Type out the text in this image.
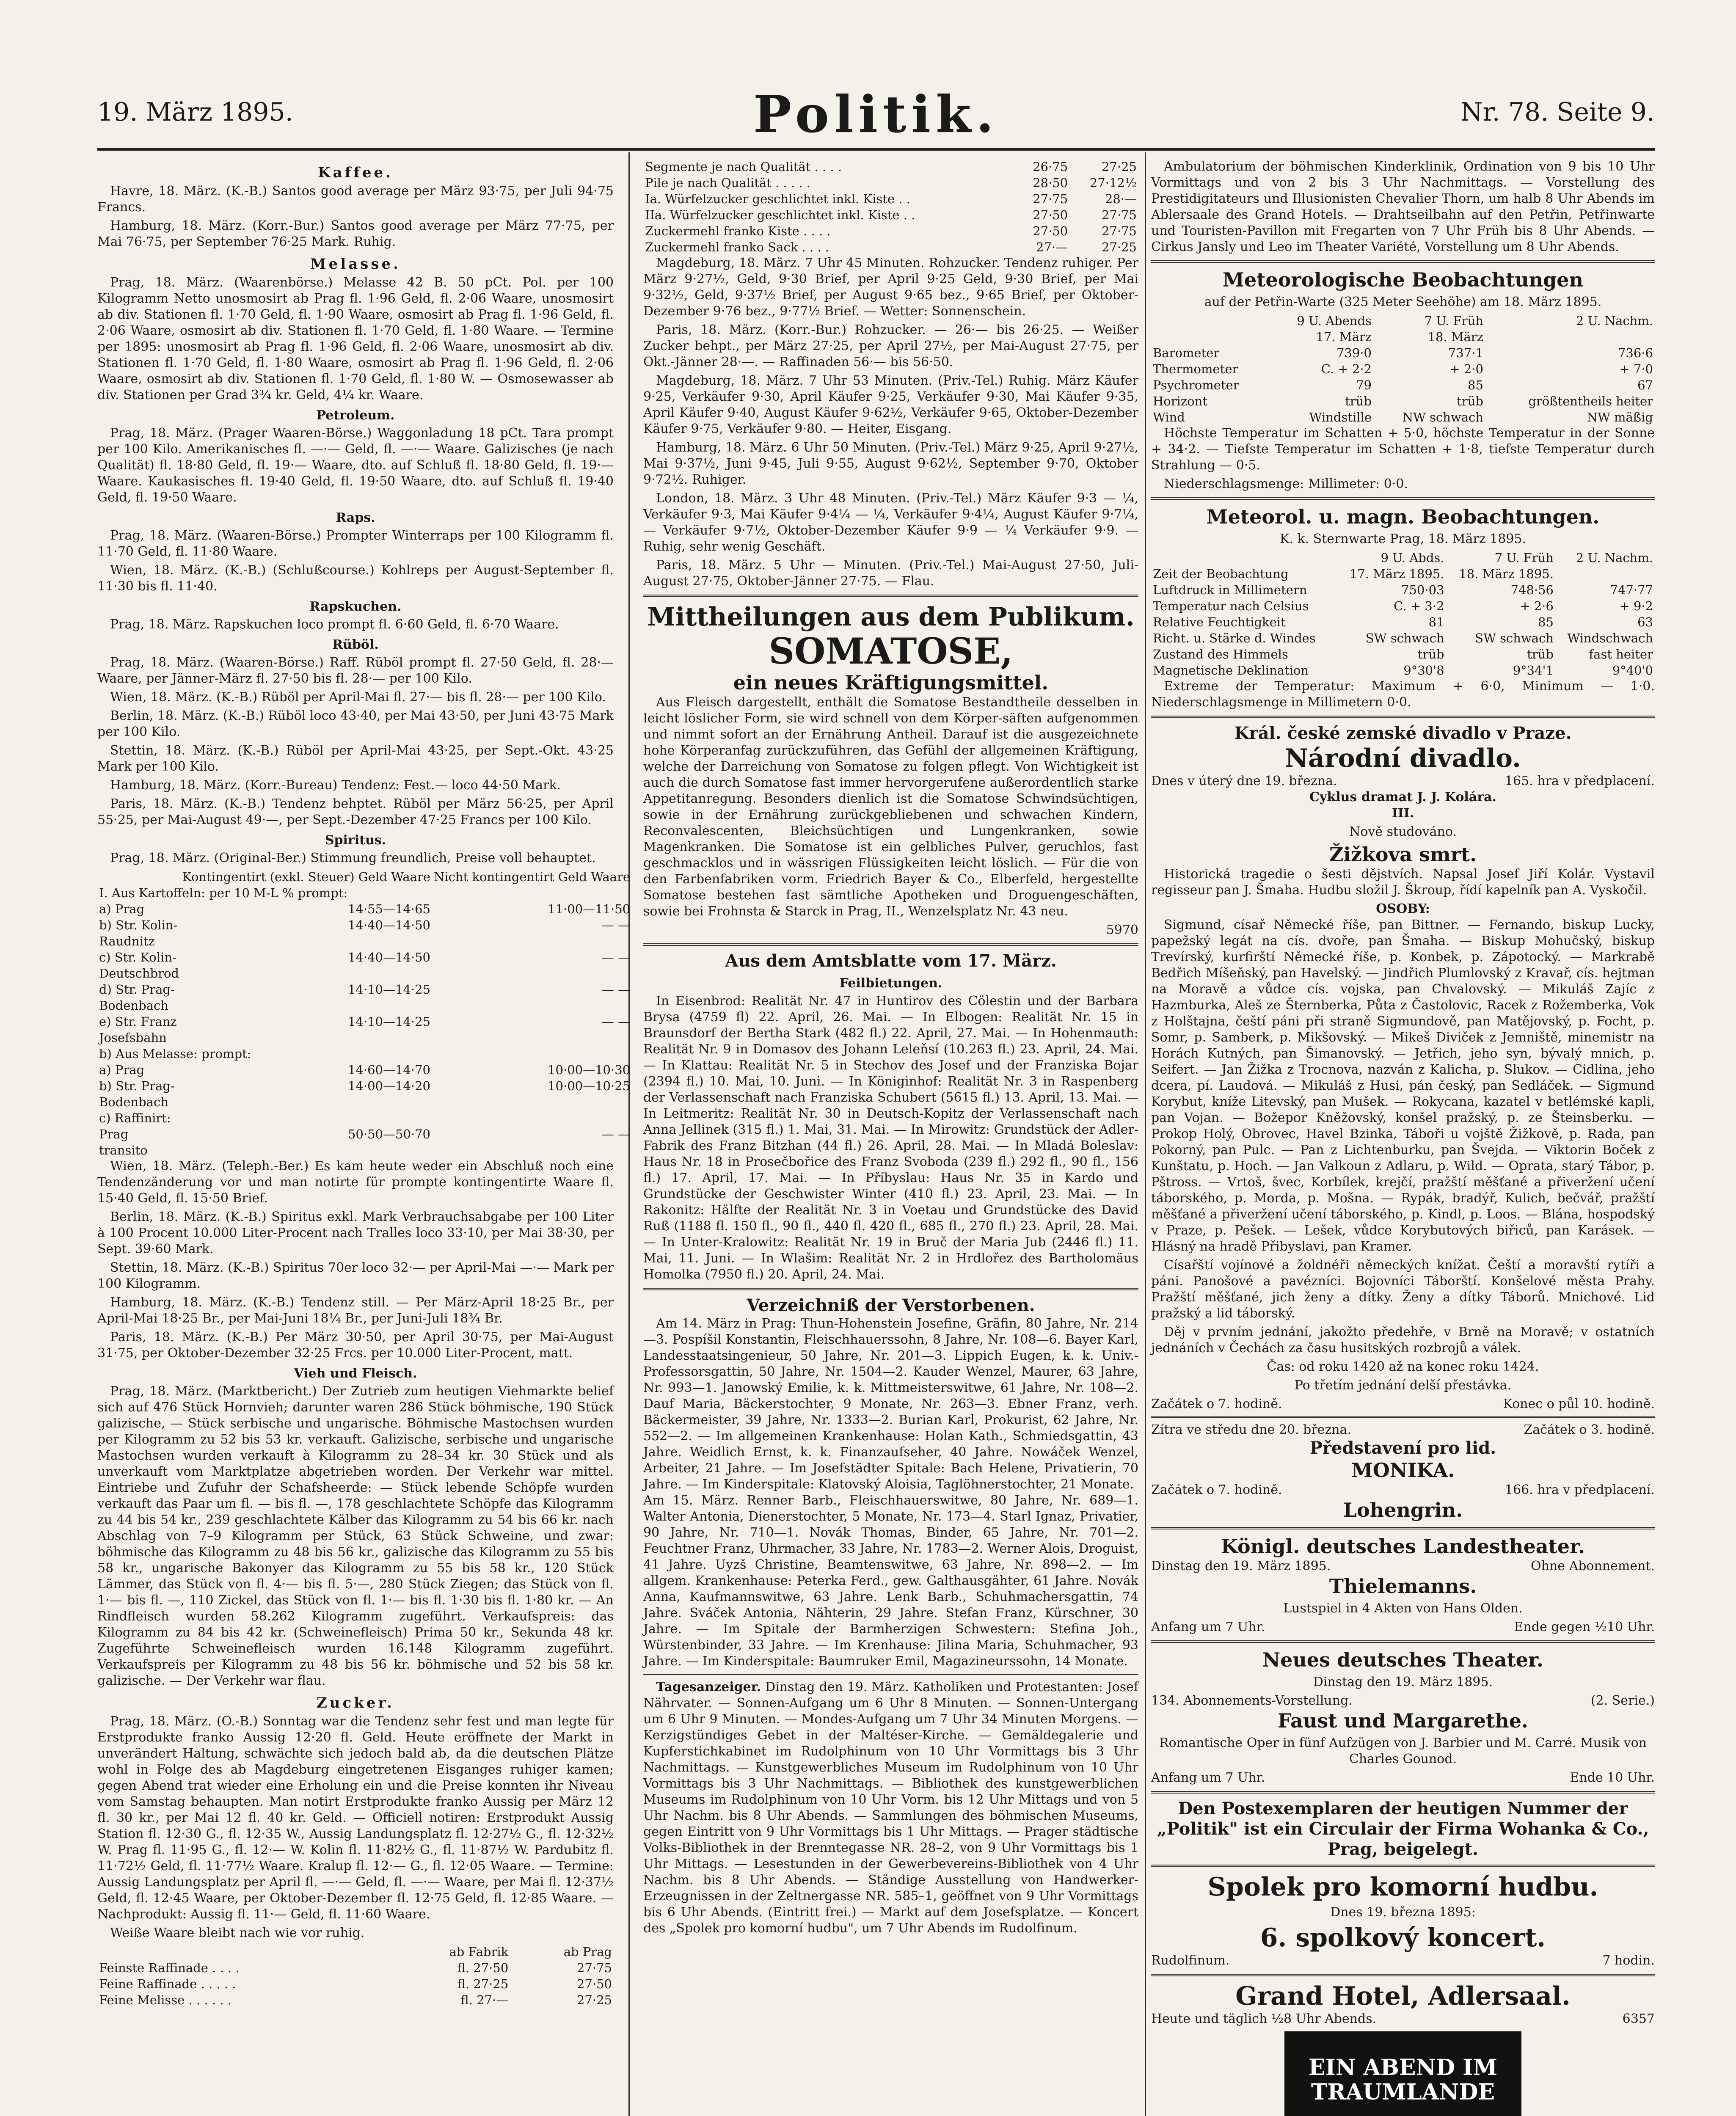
19. März 1895.	Politik.	Nr. 78. Seite 9.
Kaffee.

Havre, 18. März. (K.-B.) Santos good average per März 93·75, per Juli 94·75 Francs.

Hamburg, 18. März. (Korr.-Bur.) Santos good average per März 77·75, per Mai 76·75, per September 76·25 Mark. Ruhig.

Melasse.

Prag, 18. März. (Waarenbörse.) Melasse 42 B. 50 pCt. Pol. per 100 Kilogramm Netto unosmosirt ab Prag fl. 1·96 Geld, fl. 2·06 Waare, unosmosirt ab div. Stationen fl. 1·70 Geld, fl. 1·90 Waare, osmosirt ab Prag fl. 1·96 Geld, fl. 2·06 Waare, osmosirt ab div. Stationen fl. 1·70 Geld, fl. 1·80 Waare. — Termine per 1895: unosmosirt ab Prag fl. 1·96 Geld, fl. 2·06 Waare, unosmosirt ab div. Stationen fl. 1·70 Geld, fl. 1·80 Waare, osmosirt ab Prag fl. 1·96 Geld, fl. 2·06 Waare, osmosirt ab div. Stationen fl. 1·70 Geld, fl. 1·80 W. — Osmosewasser ab div. Stationen per Grad 3¾ kr. Geld, 4¼ kr. Waare.

Petroleum.

Prag, 18. März. (Prager Waaren-Börse.) Waggonladung 18 pCt. Tara prompt per 100 Kilo. Amerikanisches fl. —·— Geld, fl. —·— Waare. Galizisches (je nach Qualität) fl. 18·80 Geld, fl. 19·— Waare, dto. auf Schluß fl. 18·80 Geld, fl. 19·— Waare. Kaukasisches fl. 19·40 Geld, fl. 19·50 Waare, dto. auf Schluß fl. 19·40 Geld, fl. 19·50 Waare.

Raps.

Prag, 18. März. (Waaren-Börse.) Prompter Winterraps per 100 Kilogramm fl. 11·70 Geld, fl. 11·80 Waare.

Wien, 18. März. (K.-B.) (Schlußcourse.) Kohlreps per August-September fl. 11·30 bis fl. 11·40.

Rapskuchen.

Prag, 18. März. Rapskuchen loco prompt fl. 6·60 Geld, fl. 6·70 Waare.

Rüböl.

Prag, 18. März. (Waaren-Börse.) Raff. Rüböl prompt fl. 27·50 Geld, fl. 28·— Waare, per Jänner-März fl. 27·50 bis fl. 28·— per 100 Kilo.

Wien, 18. März. (K.-B.) Rüböl per April-Mai fl. 27·— bis fl. 28·— per 100 Kilo.

Berlin, 18. März. (K.-B.) Rüböl loco 43·40, per Mai 43·50, per Juni 43·75 Mark per 100 Kilo.

Stettin, 18. März. (K.-B.) Rüböl per April-Mai 43·25, per Sept.-Okt. 43·25 Mark per 100 Kilo.

Hamburg, 18. März. (Korr.-Bureau) Tendenz: Fest.— loco 44·50 Mark.

Paris, 18. März. (K.-B.) Tendenz behptet. Rüböl per März 56·25, per April 55·25, per Mai-August 49·—, per Sept.-Dezember 47·25 Francs per 100 Kilo.

Spiritus.

Prag, 18. März. (Original-Ber.) Stimmung freundlich, Preise voll behauptet.

	Kontingentirt (exkl. Steuer) Geld Waare	Nicht kontingentirt Geld Waare
I. Aus Kartoffeln: per 10 M-L % prompt:		
a) Prag	14·55—14·65	11·00—11·50
b) Str. Kolin-Raudnitz	14·40—14·50	— —
c) Str. Kolin-Deutschbrod	14·40—14·50	— —
d) Str. Prag-Bodenbach	14·10—14·25	— —
e) Str. Franz Josefsbahn	14·10—14·25	— —
b) Aus Melasse: prompt:		
a) Prag	14·60—14·70	10·00—10·30
b) Str. Prag-Bodenbach	14·00—14·20	10·00—10·25
c) Raffinirt:		
Prag transito	50·50—50·70	— —

Wien, 18. März. (Teleph.-Ber.) Es kam heute weder ein Abschluß noch eine Tendenzänderung vor und man notirte für prompte kontingentirte Waare fl. 15·40 Geld, fl. 15·50 Brief.

Berlin, 18. März. (K.-B.) Spiritus exkl. Mark Verbrauchsabgabe per 100 Liter à 100 Procent 10.000 Liter-Procent nach Tralles loco 33·10, per Mai 38·30, per Sept. 39·60 Mark.

Stettin, 18. März. (K.-B.) Spiritus 70er loco 32·— per April-Mai —·— Mark per 100 Kilogramm.

Hamburg, 18. März. (K.-B.) Tendenz still. — Per März-April 18·25 Br., per April-Mai 18·25 Br., per Mai-Juni 18¼ Br., per Juni-Juli 18¾ Br.

Paris, 18. März. (K.-B.) Per März 30·50, per April 30·75, per Mai-August 31·75, per Oktober-Dezember 32·25 Frcs. per 10.000 Liter-Procent, matt.

Vieh und Fleisch.

Prag, 18. März. (Marktbericht.) Der Zutrieb zum heutigen Viehmarkte belief sich auf 476 Stück Hornvieh; darunter waren 286 Stück böhmische, 190 Stück galizische, — Stück serbische und ungarische. Böhmische Mastochsen wurden per Kilogramm zu 52 bis 53 kr. verkauft. Galizische, serbische und ungarische Mastochsen wurden verkauft à Kilogramm zu 28–34 kr. 30 Stück und als unverkauft vom Marktplatze abgetrieben worden. Der Verkehr war mittel. Eintriebe und Zufuhr der Schafsheerde: — Stück lebende Schöpfe wurden verkauft das Paar um fl. — bis fl. —, 178 geschlachtete Schöpfe das Kilogramm zu 44 bis 54 kr., 239 geschlachtete Kälber das Kilogramm zu 54 bis 66 kr. nach Abschlag von 7–9 Kilogramm per Stück, 63 Stück Schweine, und zwar: böhmische das Kilogramm zu 48 bis 56 kr., galizische das Kilogramm zu 55 bis 58 kr., ungarische Bakonyer das Kilogramm zu 55 bis 58 kr., 120 Stück Lämmer, das Stück von fl. 4·— bis fl. 5·—, 280 Stück Ziegen; das Stück von fl. 1·— bis fl. —, 110 Zickel, das Stück von fl. 1·— bis fl. 1·30 bis fl. 1·80 kr. — An Rindfleisch wurden 58.262 Kilogramm zugeführt. Verkaufspreis: das Kilogramm zu 84 bis 42 kr. (Schweinefleisch) Prima 50 kr., Sekunda 48 kr. Zugeführte Schweinefleisch wurden 16.148 Kilogramm zugeführt. Verkaufspreis per Kilogramm zu 48 bis 56 kr. böhmische und 52 bis 58 kr. galizische. — Der Verkehr war flau.

Zucker.

Prag, 18. März. (O.-B.) Sonntag war die Tendenz sehr fest und man legte für Erstprodukte franko Aussig 12·20 fl. Geld. Heute eröffnete der Markt in unverändert Haltung, schwächte sich jedoch bald ab, da die deutschen Plätze wohl in Folge des ab Magdeburg eingetretenen Eisganges ruhiger kamen; gegen Abend trat wieder eine Erholung ein und die Preise konnten ihr Niveau vom Samstag behaupten. Man notirt Erstprodukte franko Aussig per März 12 fl. 30 kr., per Mai 12 fl. 40 kr. Geld. — Officiell notiren: Erstprodukt Aussig Station fl. 12·30 G., fl. 12·35 W., Aussig Landungsplatz fl. 12·27½ G., fl. 12·32½ W. Prag fl. 11·95 G., fl. 12·— W. Kolin fl. 11·82½ G., fl. 11·87½ W. Pardubitz fl. 11·72½ Geld, fl. 11·77½ Waare. Kralup fl. 12·— G., fl. 12·05 Waare. — Termine: Aussig Landungsplatz per April fl. —·— Geld, fl. —·— Waare, per Mai fl. 12·37½ Geld, fl. 12·45 Waare, per Oktober-Dezember fl. 12·75 Geld, fl. 12·85 Waare. — Nachprodukt: Aussig fl. 11·— Geld, fl. 11·60 Waare.

Weiße Waare bleibt nach wie vor ruhig.

	ab Fabrik	ab Prag
Feinste Raffinade . . . .	fl. 27·50	27·75
Feine Raffinade . . . . .	fl. 27·25	27·50
Feine Melisse . . . . . .	fl. 27·—	27·25
Segmente je nach Qualität . . . .	26·75	27·25
Pile je nach Qualität . . . . .	28·50	27·12½
Ia. Würfelzucker geschlichtet inkl. Kiste . .	27·75	28·—
IIa. Würfelzucker geschlichtet inkl. Kiste . .	27·50	27·75
Zuckermehl franko Kiste . . . .	27·50	27·75
Zuckermehl franko Sack . . . .	27·—	27·25

Magdeburg, 18. März. 7 Uhr 45 Minuten. Rohzucker. Tendenz ruhiger. Per März 9·27½, Geld, 9·30 Brief, per April 9·25 Geld, 9·30 Brief, per Mai 9·32½, Geld, 9·37½ Brief, per August 9·65 bez., 9·65 Brief, per Oktober-Dezember 9·76 bez., 9·77½ Brief. — Wetter: Sonnenschein.

Paris, 18. März. (Korr.-Bur.) Rohzucker. — 26·— bis 26·25. — Weißer Zucker behpt., per März 27·25, per April 27½, per Mai-August 27·75, per Okt.-Jänner 28·—. — Raffinaden 56·— bis 56·50.

Magdeburg, 18. März. 7 Uhr 53 Minuten. (Priv.-Tel.) Ruhig. März Käufer 9·25, Verkäufer 9·30, April Käufer 9·25, Verkäufer 9·30, Mai Käufer 9·35, April Käufer 9·40, August Käufer 9·62½, Verkäufer 9·65, Oktober-Dezember Käufer 9·75, Verkäufer 9·80. — Heiter, Eisgang.

Hamburg, 18. März. 6 Uhr 50 Minuten. (Priv.-Tel.) März 9·25, April 9·27½, Mai 9·37½, Juni 9·45, Juli 9·55, August 9·62½, September 9·70, Oktober 9·72½. Ruhiger.

London, 18. März. 3 Uhr 48 Minuten. (Priv.-Tel.) März Käufer 9·3 — ¼, Verkäufer 9·3, Mai Käufer 9·4¼ — ¼, Verkäufer 9·4¼, August Käufer 9·7¼, — Verkäufer 9·7½, Oktober-Dezember Käufer 9·9 — ¼ Verkäufer 9·9. — Ruhig, sehr wenig Geschäft.

Paris, 18. März. 5 Uhr — Minuten. (Priv.-Tel.) Mai-August 27·50, Juli-August 27·75, Oktober-Jänner 27·75. — Flau.

Mittheilungen aus dem Publikum.
SOMATOSE,
ein neues Kräftigungsmittel.

Aus Fleisch dargestellt, enthält die Somatose Bestandtheile desselben in leicht löslicher Form, sie wird schnell von dem Körper-säften aufgenommen und nimmt sofort an der Ernährung Antheil. Darauf ist die ausgezeichnete hohe Körperanfag zurückzuführen, das Gefühl der allgemeinen Kräftigung, welche der Darreichung von Somatose zu folgen pflegt. Von Wichtigkeit ist auch die durch Somatose fast immer hervorgerufene außerordentlich starke Appetitanregung. Besonders dienlich ist die Somatose Schwindsüchtigen, sowie in der Ernährung zurückgebliebenen und schwachen Kindern, Reconvalescenten, Bleichsüchtigen und Lungenkranken, sowie Magenkranken. Die Somatose ist ein gelbliches Pulver, geruchlos, fast geschmacklos und in wässrigen Flüssigkeiten leicht löslich. — Für die von den Farbenfabriken vorm. Friedrich Bayer & Co., Elberfeld, hergestellte Somatose bestehen fast sämtliche Apotheken und Droguengeschäften, sowie bei Frohnsta & Starck in Prag, II., Wenzelsplatz Nr. 43 neu.

5970
Aus dem Amtsblatte vom 17. März.
Feilbietungen.

In Eisenbrod: Realität Nr. 47 in Huntirov des Cölestin und der Barbara Brysa (4759 fl) 22. April, 26. Mai. — In Elbogen: Realität Nr. 15 in Braunsdorf der Bertha Stark (482 fl.) 22. April, 27. Mai. — In Hohenmauth: Realität Nr. 9 in Domasov des Johann Leleňsí (10.263 fl.) 23. April, 24. Mai. — In Klattau: Realität Nr. 5 in Stechov des Josef und der Franziska Bojar (2394 fl.) 10. Mai, 10. Juni. — In Königinhof: Realität Nr. 3 in Raspenberg der Verlassenschaft nach Franziska Schubert (5615 fl.) 13. April, 13. Mai. — In Leitmeritz: Realität Nr. 30 in Deutsch-Kopitz der Verlassenschaft nach Anna Jellinek (315 fl.) 1. Mai, 31. Mai. — In Mirowitz: Grundstück der Adler-Fabrik des Franz Bitzhan (44 fl.) 26. April, 28. Mai. — In Mladá Boleslav: Haus Nr. 18 in Prosečbořice des Franz Svoboda (239 fl.) 292 fl., 90 fl., 156 fl.) 17. April, 17. Mai. — In Příbyslau: Haus Nr. 35 in Kardo und Grundstücke der Geschwister Winter (410 fl.) 23. April, 23. Mai. — In Rakonitz: Hälfte der Realität Nr. 3 in Voetau und Grundstücke des David Ruß (1188 fl. 150 fl., 90 fl., 440 fl. 420 fl., 685 fl., 270 fl.) 23. April, 28. Mai. — In Unter-Kralowitz: Realität Nr. 19 in Bruč der Maria Jub (2446 fl.) 11. Mai, 11. Juni. — In Wlašim: Realität Nr. 2 in Hrdlořez des Bartholomäus Homolka (7950 fl.) 20. April, 24. Mai.

Verzeichniß der Verstorbenen.

Am 14. März in Prag: Thun-Hohenstein Josefine, Gräfin, 80 Jahre, Nr. 214—3. Pospíšil Konstantin, Fleischhauerssohn, 8 Jahre, Nr. 108—6. Bayer Karl, Landesstaatsingenieur, 50 Jahre, Nr. 201—3. Lippich Eugen, k. k. Univ.-Professorsgattin, 50 Jahre, Nr. 1504—2. Kauder Wenzel, Maurer, 63 Jahre, Nr. 993—1. Janowský Emilie, k. k. Mittmeisterswitwe, 61 Jahre, Nr. 108—2. Dauf Maria, Bäckerstochter, 9 Monate, Nr. 263—3. Ebner Franz, verh. Bäckermeister, 39 Jahre, Nr. 1333—2. Burian Karl, Prokurist, 62 Jahre, Nr. 552—2. — Im allgemeinen Krankenhause: Holan Kath., Schmiedsgattin, 43 Jahre. Weidlich Ernst, k. k. Finanzaufseher, 40 Jahre. Nowáček Wenzel, Arbeiter, 21 Jahre. — Im Josefstädter Spitale: Bach Helene, Privatierin, 70 Jahre. — Im Kinderspitale: Klatovský Aloisia, Taglöhnerstochter, 21 Monate.
Am 15. März. Renner Barb., Fleischhauerswitwe, 80 Jahre, Nr. 689—1. Walter Antonia, Dienerstochter, 5 Monate, Nr. 173—4. Starl Ignaz, Privatier, 90 Jahre, Nr. 710—1. Novák Thomas, Binder, 65 Jahre, Nr. 701—2. Feuchtner Franz, Uhrmacher, 33 Jahre, Nr. 1783—2. Werner Alois, Droguist, 41 Jahre. Uyzš Christine, Beamtenswitwe, 63 Jahre, Nr. 898—2. — Im allgem. Krankenhause: Peterka Ferd., gew. Galthausgähter, 61 Jahre. Novák Anna, Kaufmannswitwe, 63 Jahre. Lenk Barb., Schuhmachersgattin, 74 Jahre. Sváček Antonia, Nähterin, 29 Jahre. Stefan Franz, Kürschner, 30 Jahre. — Im Spitale der Barmherzigen Schwestern: Stefina Joh., Würstenbinder, 33 Jahre. — Im Krenhause: Jilina Maria, Schuhmacher, 93 Jahre. — Im Kinderspitale: Baumruker Emil, Magazineurssohn, 14 Monate.

Tagesanzeiger. Dinstag den 19. März. Katholiken und Protestanten: Josef Nährvater. — Sonnen-Aufgang um 6 Uhr 8 Minuten. — Sonnen-Untergang um 6 Uhr 9 Minuten. — Mondes-Aufgang um 7 Uhr 34 Minuten Morgens. — Kerzigstündiges Gebet in der Maltéser-Kirche. — Gemäldegalerie und Kupferstichkabinet im Rudolphinum von 10 Uhr Vormittags bis 3 Uhr Nachmittags. — Kunstgewerbliches Museum im Rudolphinum von 10 Uhr Vormittags bis 3 Uhr Nachmittags. — Bibliothek des kunstgewerblichen Museums im Rudolphinum von 10 Uhr Vorm. bis 12 Uhr Mittags und von 5 Uhr Nachm. bis 8 Uhr Abends. — Sammlungen des böhmischen Museums, gegen Eintritt von 9 Uhr Vormittags bis 1 Uhr Mittags. — Prager städtische Volks-Bibliothek in der Brenntegasse NR. 28–2, von 9 Uhr Vormittags bis 1 Uhr Mittags. — Lesestunden in der Gewerbevereins-Bibliothek von 4 Uhr Nachm. bis 8 Uhr Abends. — Ständige Ausstellung von Handwerker-Erzeugnissen in der Zeltnergasse NR. 585–1, geöffnet von 9 Uhr Vormittags bis 6 Uhr Abends. (Eintritt frei.) — Markt auf dem Josefsplatze. — Koncert des „Spolek pro komorní hudbu", um 7 Uhr Abends im Rudolfinum.

Ambulatorium der böhmischen Kinderklinik, Ordination von 9 bis 10 Uhr Vormittags und von 2 bis 3 Uhr Nachmittags. — Vorstellung des Prestidigitateurs und Illusionisten Chevalier Thorn, um halb 8 Uhr Abends im Ablersaale des Grand Hotels. — Drahtseilbahn auf den Petřin, Petřinwarte und Touristen-Pavillon mit Fregarten von 7 Uhr Früh bis 8 Uhr Abends. — Cirkus Jansly und Leo im Theater Variété, Vorstellung um 8 Uhr Abends.

Meteorologische Beobachtungen
auf der Petřin-Warte (325 Meter Seehöhe) am 18. März 1895.
	9 U. Abends	7 U. Früh	2 U. Nachm.
	17. März	18. März	
Barometer	739·0	737·1	736·6
Thermometer	C. + 2·2	+ 2·0	+ 7·0
Psychrometer	79	85	67
Horizont	trüb	trüb	größtentheils heiter
Wind	Windstille	NW schwach	NW mäßig

Höchste Temperatur im Schatten + 5·0, höchste Temperatur in der Sonne + 34·2. — Tiefste Temperatur im Schatten + 1·8, tiefste Temperatur durch Strahlung — 0·5.

Niederschlagsmenge: Millimeter: 0·0.

Meteorol. u. magn. Beobachtungen.
K. k. Sternwarte Prag, 18. März 1895.
	9 U. Abds.	7 U. Früh	2 U. Nachm.
Zeit der Beobachtung	17. März 1895.	18. März 1895.	
Luftdruck in Millimetern	750·03	748·56	747·77
Temperatur nach Celsius	C. + 3·2	+ 2·6	+ 9·2
Relative Feuchtigkeit	81	85	63
Richt. u. Stärke d. Windes	SW schwach	SW schwach	Windschwach
Zustand des Himmels	trüb	trüb	fast heiter
Magnetische Deklination	9°30'8	9°34'1	9°40'0

Extreme der Temperatur: Maximum + 6·0, Minimum — 1·0. Niederschlagsmenge in Millimetern 0·0.

Král. české zemské divadlo v Praze.
Národní divadlo.
Dnes v úterý dne 19. března.	165. hra v předplacení.
Cyklus dramat J. J. Kolára.
III.
Nově studováno.
Žižkova smrt.

Historická tragedie o šesti dějstvích. Napsal Josef Jiří Kolár. Vystavil regisseur pan J. Šmaha. Hudbu složil J. Škroup, řídí kapelník pan A. Vyskočil.

OSOBY:

Sigmund, císař Německé říše, pan Bittner. — Fernando, biskup Lucky, papežský legát na cís. dvoře, pan Šmaha. — Biskup Mohučský, biskup Trevírský, kurfirští Německé říše, p. Konbek, p. Zápotocký. — Markrabě Bedřich Míšeňský, pan Havelský. — Jindřich Plumlovský z Kravař, cís. hejtman na Moravě a vůdce cís. vojska, pan Chvalovský. — Mikuláš Zajíc z Hazmburka, Aleš ze Šternberka, Půta z Častolovic, Racek z Rožemberka, Vok z Holštajna, čeští páni při straně Sigmundově, pan Matějovský, p. Focht, p. Somr, p. Samberk, p. Mikšovský. — Mikeš Diviček z Jemniště, minemistr na Horách Kutných, pan Šimanovský. — Jetřich, jeho syn, bývalý mnich, p. Seifert. — Jan Žižka z Trocnova, nazván z Kalicha, p. Slukov. — Cidlina, jeho dcera, pí. Laudová. — Mikuláš z Husi, pán český, pan Sedláček. — Sigmund Korybut, kníže Litevský, pan Mušek. — Rokycana, kazatel v betlémské kapli, pan Vojan. — Božepor Kněžovský, konšel pražský, p. ze Šteinsberku. — Prokop Holý, Obrovec, Havel Bzinka, Táboři u vojště Žižkově, p. Rada, pan Pokorný, pan Pulc. — Pan z Lichtenburku, pan Švejda. — Viktorin Boček z Kunštatu, p. Hoch. — Jan Valkoun z Adlaru, p. Wild. — Oprata, starý Tábor, p. Pštross. — Vrtoš, švec, Korbílek, krejčí, pražští měšťané a přiveržení učení táborského, p. Morda, p. Mošna. — Rypák, bradýř, Kulich, bečvář, pražští měšťané a přiveržení učení táborského, p. Kindl, p. Loos. — Blána, hospodský v Praze, p. Pešek. — Lešek, vůdce Korybutových biřiců, pan Karásek. — Hlásný na hradě Přibyslavi, pan Kramer.

Císařští vojínové a žoldnéři německých knížat. Čeští a moravští rytíři a páni. Panošové a pavézníci. Bojovníci Táborští. Konšelové města Prahy. Pražští měšťané, jich ženy a dítky. Ženy a dítky Táborů. Mnichové. Lid pražský a lid táborský.

Děj v prvním jednání, jakožto předehře, v Brně na Moravě; v ostatních jednáních v Čechách za času husitských rozbrojů a válek.

Čas: od roku 1420 až na konec roku 1424.
Po třetím jednání delší přestávka.
Začátek o 7. hodině.	Konec o půl 10. hodině.
Zítra ve středu dne 20. března.	Začátek o 3. hodině.
Představení pro lid.
MONIKA.
Začátek o 7. hodině.	166. hra v předplacení.
Lohengrin.
Königl. deutsches Landestheater.
Dinstag den 19. März 1895.	Ohne Abonnement.
Thielemanns.
Lustspiel in 4 Akten von Hans Olden.
Anfang um 7 Uhr.	Ende gegen ½10 Uhr.
Neues deutsches Theater.
Dinstag den 19. März 1895.
134. Abonnements-Vorstellung.	(2. Serie.)
Faust und Margarethe.
Romantische Oper in fünf Aufzügen von J. Barbier und M. Carré. Musik von Charles Gounod.
Anfang um 7 Uhr.	Ende 10 Uhr.
Den Postexemplaren der heutigen Nummer der „Politik" ist ein Circulair der Firma Wohanka & Co., Prag, beigelegt.
Spolek pro komorní hudbu.
Dnes 19. března 1895:
6. spolkový koncert.
Rudolfinum.	7 hodin.
Grand Hotel, Adlersaal.
Heute und täglich ½8 Uhr Abends.	6357
EIN ABEND IM TRAUMLANDE
